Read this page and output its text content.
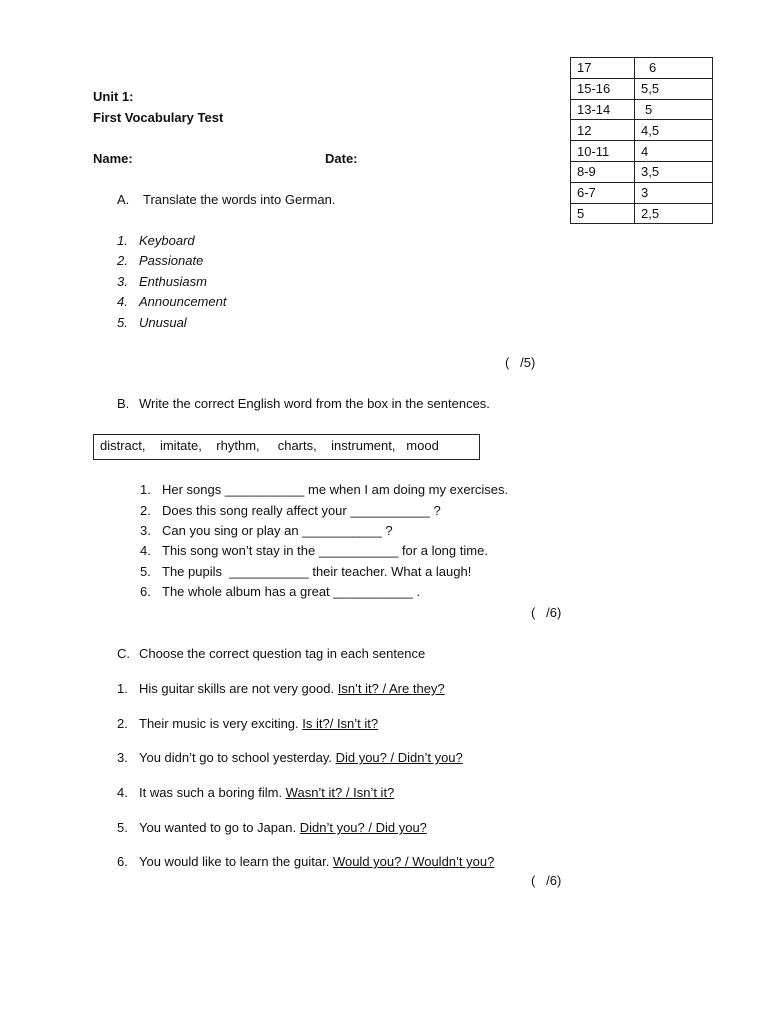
Unit 1:
First Vocabulary Test
Name:	Date:
17	6
15-16	5,5
13-14	5
12	4,5
10-11	4
8-9	3,5
6-7	3
5	2,5
A. Translate the words into German.
1. Keyboard
2. Passionate
3. Enthusiasm
4. Announcement
5. Unusual
(   /5)
B. Write the correct English word from the box in the sentences.
distract,    imitate,    rhythm,     charts,    instrument,   mood
1. Her songs ___________ me when I am doing my exercises.
2. Does this song really affect your ___________ ?
3. Can you sing or play an ___________ ?
4. This song won’t stay in the ___________ for a long time.
5. The pupils  ___________ their teacher. What a laugh!
6. The whole album has a great ___________ .
(   /6)
C. Choose the correct question tag in each sentence
1. His guitar skills are not very good. Isn’t it? / Are they?
2. Their music is very exciting. Is it?/ Isn’t it?
3. You didn’t go to school yesterday. Did you? / Didn’t you?
4. It was such a boring film. Wasn’t it? / Isn’t it?
5. You wanted to go to Japan. Didn’t you? / Did you?
6. You would like to learn the guitar. Would you? / Wouldn’t you?
(   /6)
